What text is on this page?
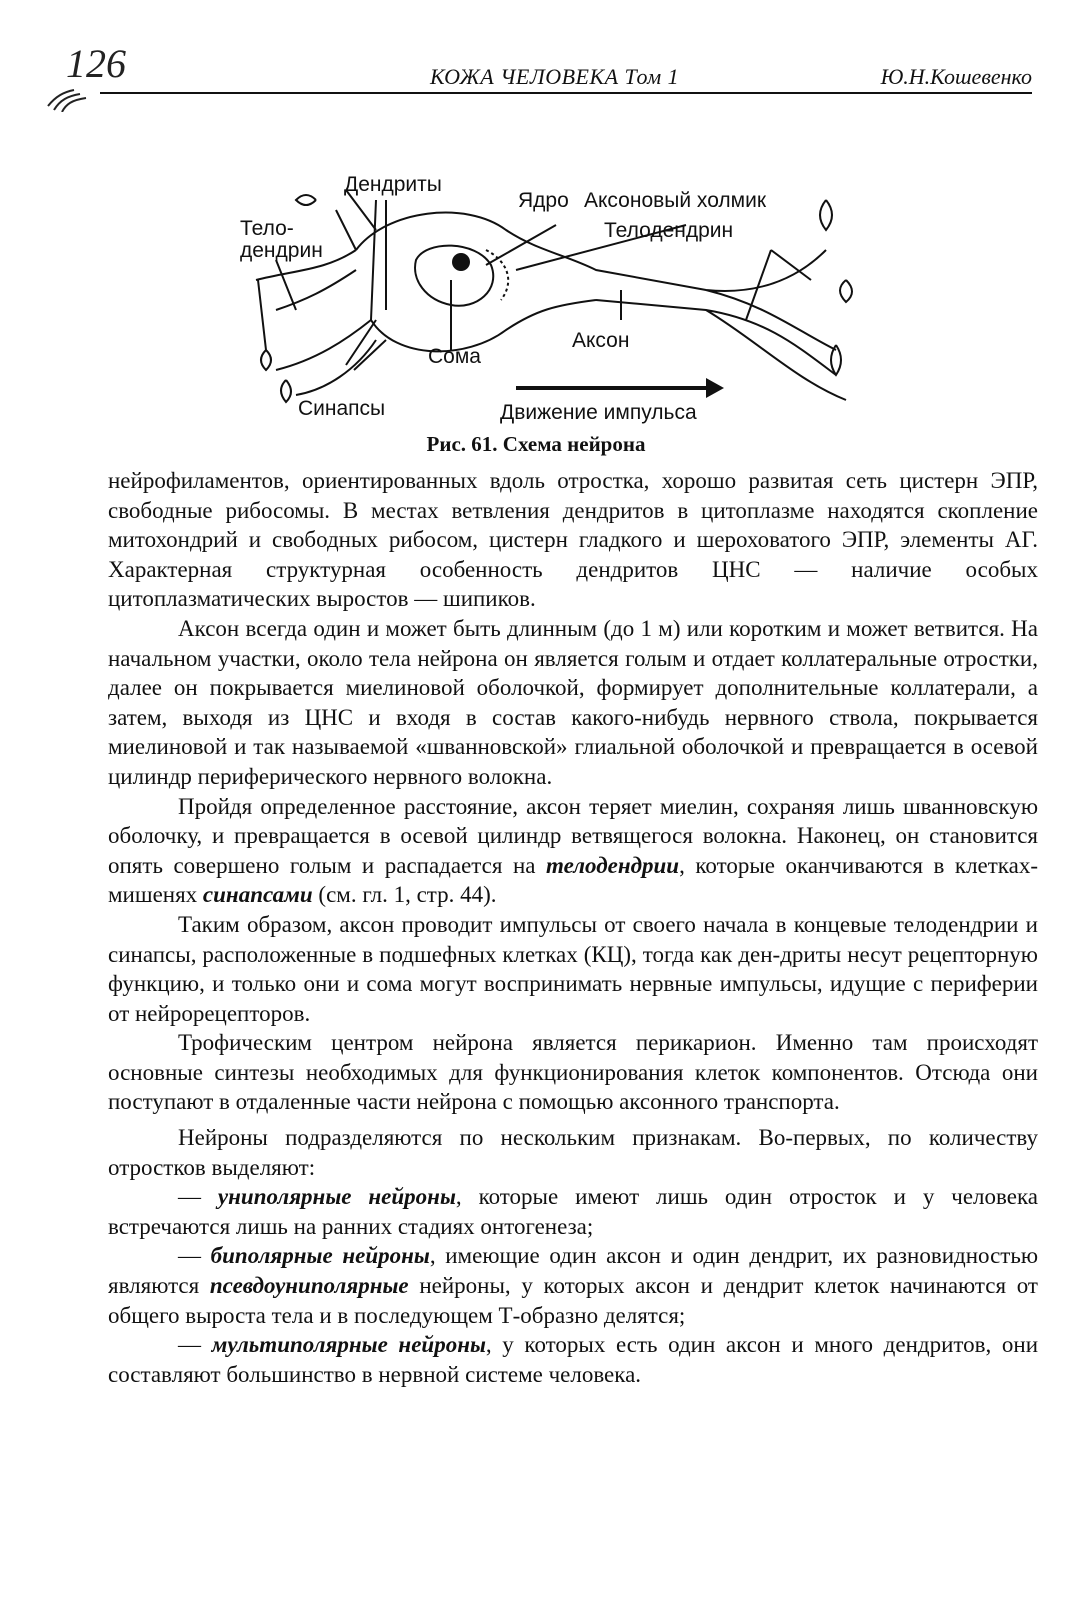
126	КОЖА ЧЕЛОВЕКА Том 1	Ю.Н.Кошевенко
Дендриты
Ядро Аксоновый холмик
Тело-
дендрин
Телодендрин
Аксон
Сома
Синапсы	Движение импульса
Рис. 61. Схема нейрона

нейрофиламентов, ориентированных вдоль отростка, хорошо развитая сеть цистерн ЭПР, свободные рибосомы. В местах ветвления дендритов в цитоплазме находятся скопление митохондрий и свободных рибосом, цистерн гладкого и шероховатого ЭПР, элементы АГ. Характерная структурная особенность дендритов ЦНС — наличие особых цитоплазматических выростов — шипиков.

Аксон всегда один и может быть длинным (до 1 м) или коротким и может ветвится. На начальном участки, около тела нейрона он является голым и отдает коллатеральные отростки, далее он покрывается миелиновой оболочкой, формирует дополнительные коллатерали, а затем, выходя из ЦНС и входя в состав какого-нибудь нервного ствола, покрывается миелиновой и так называемой «шванновской» глиальной оболочкой и превращается в осевой цилиндр периферического нервного волокна.

Пройдя определенное расстояние, аксон теряет миелин, сохраняя лишь шванновскую оболочку, и превращается в осевой цилиндр ветвящегося волокна. Наконец, он становится опять совершено голым и распадается на телодендрии, которые оканчиваются в клетках-мишенях синапсами (см. гл. 1, стр. 44).

Таким образом, аксон проводит импульсы от своего начала в концевые телодендрии и синапсы, расположенные в подшефных клетках (КЦ), тогда как ден-дриты несут рецепторную функцию, и только они и сома могут воспринимать нервные импульсы, идущие с периферии от нейрорецепторов.

Трофическим центром нейрона является перикарион. Именно там происходят основные синтезы необходимых для функционирования клеток компонентов. Отсюда они поступают в отдаленные части нейрона с помощью аксонного транспорта.

Нейроны подразделяются по нескольким признакам. Во-первых, по количеству отростков выделяют:

— униполярные нейроны, которые имеют лишь один отросток и у человека встречаются лишь на ранних стадиях онтогенеза;

— биполярные нейроны, имеющие один аксон и один дендрит, их разновидностью являются псевдоуниполярные нейроны, у которых аксон и дендрит клеток начинаются от общего выроста тела и в последующем Т-образно делятся;

— мультиполярные нейроны, у которых есть один аксон и много дендритов, они составляют большинство в нервной системе человека.
